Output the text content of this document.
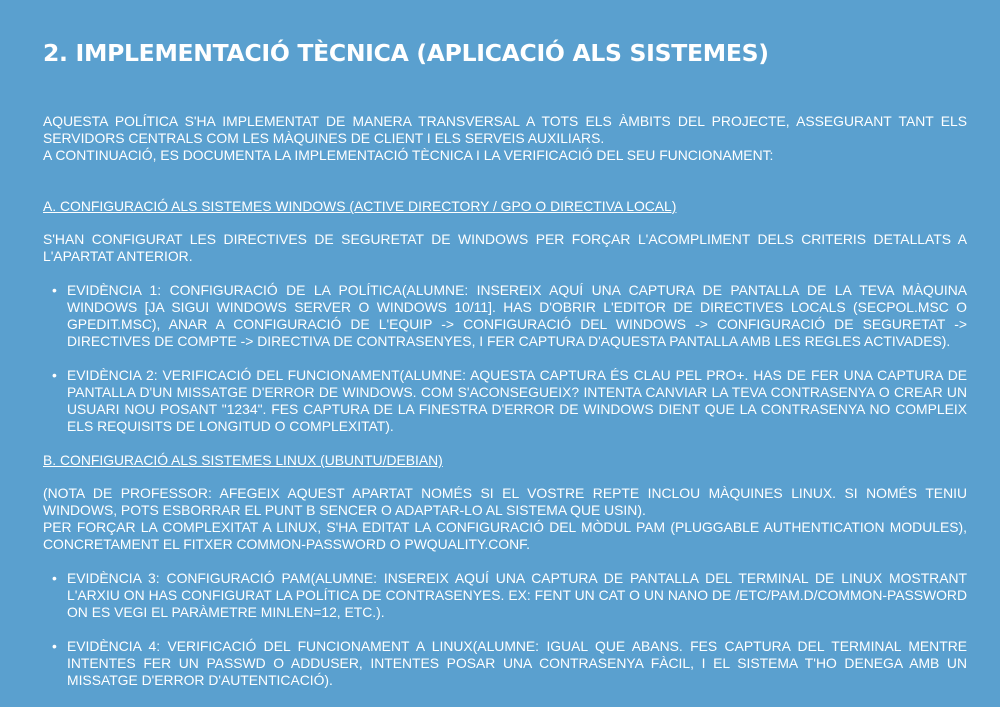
2. IMPLEMENTACIÓ TÈCNICA (APLICACIÓ ALS SISTEMES)

AQUESTA POLÍTICA S'HA IMPLEMENTAT DE MANERA TRANSVERSAL A TOTS ELS ÀMBITS DEL PROJECTE, ASSEGURANT TANT ELS SERVIDORS CENTRALS COM LES MÀQUINES DE CLIENT I ELS SERVEIS AUXILIARS.

A CONTINUACIÓ, ES DOCUMENTA LA IMPLEMENTACIÓ TÈCNICA I LA VERIFICACIÓ DEL SEU FUNCIONAMENT:

A. CONFIGURACIÓ ALS SISTEMES WINDOWS (ACTIVE DIRECTORY / GPO O DIRECTIVA LOCAL)

S'HAN CONFIGURAT LES DIRECTIVES DE SEGURETAT DE WINDOWS PER FORÇAR L'ACOMPLIMENT DELS CRITERIS DETALLATS A L'APARTAT ANTERIOR.

• EVIDÈNCIA 1: CONFIGURACIÓ DE LA POLÍTICA(ALUMNE: INSEREIX AQUÍ UNA CAPTURA DE PANTALLA DE LA TEVA MÀQUINA WINDOWS [JA SIGUI WINDOWS SERVER O WINDOWS 10/11]. HAS D'OBRIR L'EDITOR DE DIRECTIVES LOCALS (SECPOL.MSC O GPEDIT.MSC), ANAR A CONFIGURACIÓ DE L'EQUIP -> CONFIGURACIÓ DEL WINDOWS -> CONFIGURACIÓ DE SEGURETAT -> DIRECTIVES DE COMPTE -> DIRECTIVA DE CONTRASENYES, I FER CAPTURA D'AQUESTA PANTALLA AMB LES REGLES ACTIVADES).
• EVIDÈNCIA 2: VERIFICACIÓ DEL FUNCIONAMENT(ALUMNE: AQUESTA CAPTURA ÉS CLAU PEL PRO+. HAS DE FER UNA CAPTURA DE PANTALLA D'UN MISSATGE D'ERROR DE WINDOWS. COM S'ACONSEGUEIX? INTENTA CANVIAR LA TEVA CONTRASENYA O CREAR UN USUARI NOU POSANT "1234". FES CAPTURA DE LA FINESTRA D'ERROR DE WINDOWS DIENT QUE LA CONTRASENYA NO COMPLEIX ELS REQUISITS DE LONGITUD O COMPLEXITAT).
B. CONFIGURACIÓ ALS SISTEMES LINUX (UBUNTU/DEBIAN)

(NOTA DE PROFESSOR: AFEGEIX AQUEST APARTAT NOMÉS SI EL VOSTRE REPTE INCLOU MÀQUINES LINUX. SI NOMÉS TENIU WINDOWS, POTS ESBORRAR EL PUNT B SENCER O ADAPTAR-LO AL SISTEMA QUE USIN).

PER FORÇAR LA COMPLEXITAT A LINUX, S'HA EDITAT LA CONFIGURACIÓ DEL MÒDUL PAM (PLUGGABLE AUTHENTICATION MODULES), CONCRETAMENT EL FITXER COMMON-PASSWORD O PWQUALITY.CONF.

• EVIDÈNCIA 3: CONFIGURACIÓ PAM(ALUMNE: INSEREIX AQUÍ UNA CAPTURA DE PANTALLA DEL TERMINAL DE LINUX MOSTRANT L'ARXIU ON HAS CONFIGURAT LA POLÍTICA DE CONTRASENYES. EX: FENT UN CAT O UN NANO DE /ETC/PAM.D/COMMON-PASSWORD ON ES VEGI EL PARÀMETRE MINLEN=12, ETC.).
• EVIDÈNCIA 4: VERIFICACIÓ DEL FUNCIONAMENT A LINUX(ALUMNE: IGUAL QUE ABANS. FES CAPTURA DEL TERMINAL MENTRE INTENTES FER UN PASSWD O ADDUSER, INTENTES POSAR UNA CONTRASENYA FÀCIL, I EL SISTEMA T'HO DENEGA AMB UN MISSATGE D'ERROR D'AUTENTICACIÓ).
